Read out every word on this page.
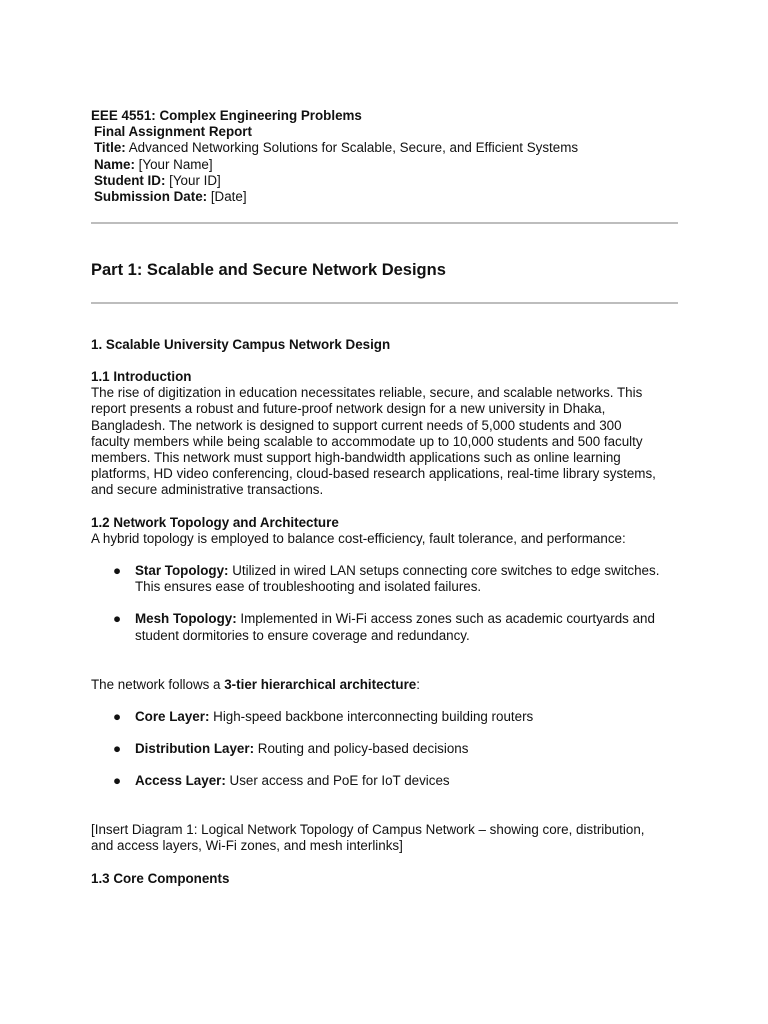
EEE 4551: Complex Engineering Problems
Final Assignment Report
Title: Advanced Networking Solutions for Scalable, Secure, and Efficient Systems
Name: [Your Name]
Student ID: [Your ID]
Submission Date: [Date]
Part 1: Scalable and Secure Network Designs
1. Scalable University Campus Network Design
1.1 Introduction
The rise of digitization in education necessitates reliable, secure, and scalable networks. This
report presents a robust and future-proof network design for a new university in Dhaka,
Bangladesh. The network is designed to support current needs of 5,000 students and 300
faculty members while being scalable to accommodate up to 10,000 students and 500 faculty
members. This network must support high-bandwidth applications such as online learning
platforms, HD video conferencing, cloud-based research applications, real-time library systems,
and secure administrative transactions.
1.2 Network Topology and Architecture
A hybrid topology is employed to balance cost-efficiency, fault tolerance, and performance:
● Star Topology: Utilized in wired LAN setups connecting core switches to edge switches.
This ensures ease of troubleshooting and isolated failures.
● Mesh Topology: Implemented in Wi-Fi access zones such as academic courtyards and
student dormitories to ensure coverage and redundancy.
The network follows a 3-tier hierarchical architecture:
● Core Layer: High-speed backbone interconnecting building routers
● Distribution Layer: Routing and policy-based decisions
● Access Layer: User access and PoE for IoT devices
[Insert Diagram 1: Logical Network Topology of Campus Network – showing core, distribution,
and access layers, Wi-Fi zones, and mesh interlinks]
1.3 Core Components
